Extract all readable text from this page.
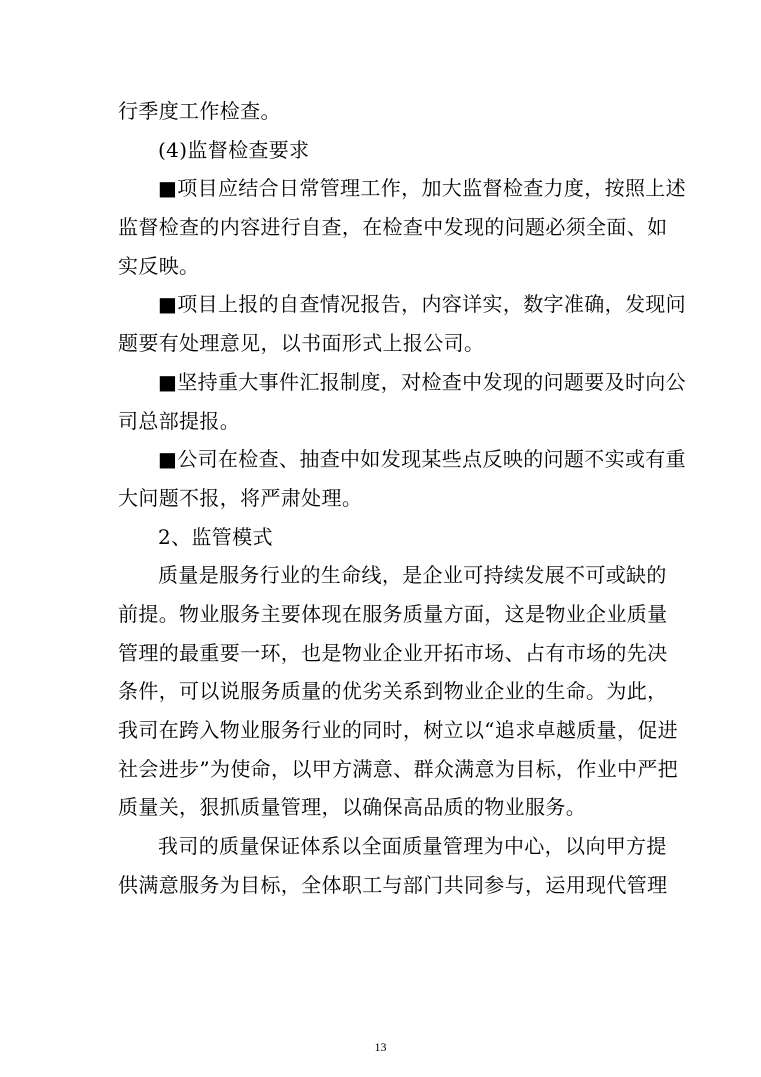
行季度工作检查。
(4)监督检查要求
■项目应结合日常管理工作，加大监督检查力度，按照上述
监督检查的内容进行自查，在检查中发现的问题必须全面、如
实反映。
■项目上报的自查情况报告，内容详实，数字准确，发现问
题要有处理意见，以书面形式上报公司。
■坚持重大事件汇报制度，对检查中发现的问题要及时向公
司总部提报。
■公司在检查、抽查中如发现某些点反映的问题不实或有重
大问题不报，将严肃处理。
2、监管模式
质量是服务行业的生命线，是企业可持续发展不可或缺的
前提。物业服务主要体现在服务质量方面，这是物业企业质量
管理的最重要一环，也是物业企业开拓市场、占有市场的先决
条件，可以说服务质量的优劣关系到物业企业的生命。为此，
我司在跨入物业服务行业的同时，树立以“追求卓越质量，促进
社会进步”为使命，以甲方满意、群众满意为目标，作业中严把
质量关，狠抓质量管理，以确保高品质的物业服务。
我司的质量保证体系以全面质量管理为中心，以向甲方提
供满意服务为目标，全体职工与部门共同参与，运用现代管理
13
